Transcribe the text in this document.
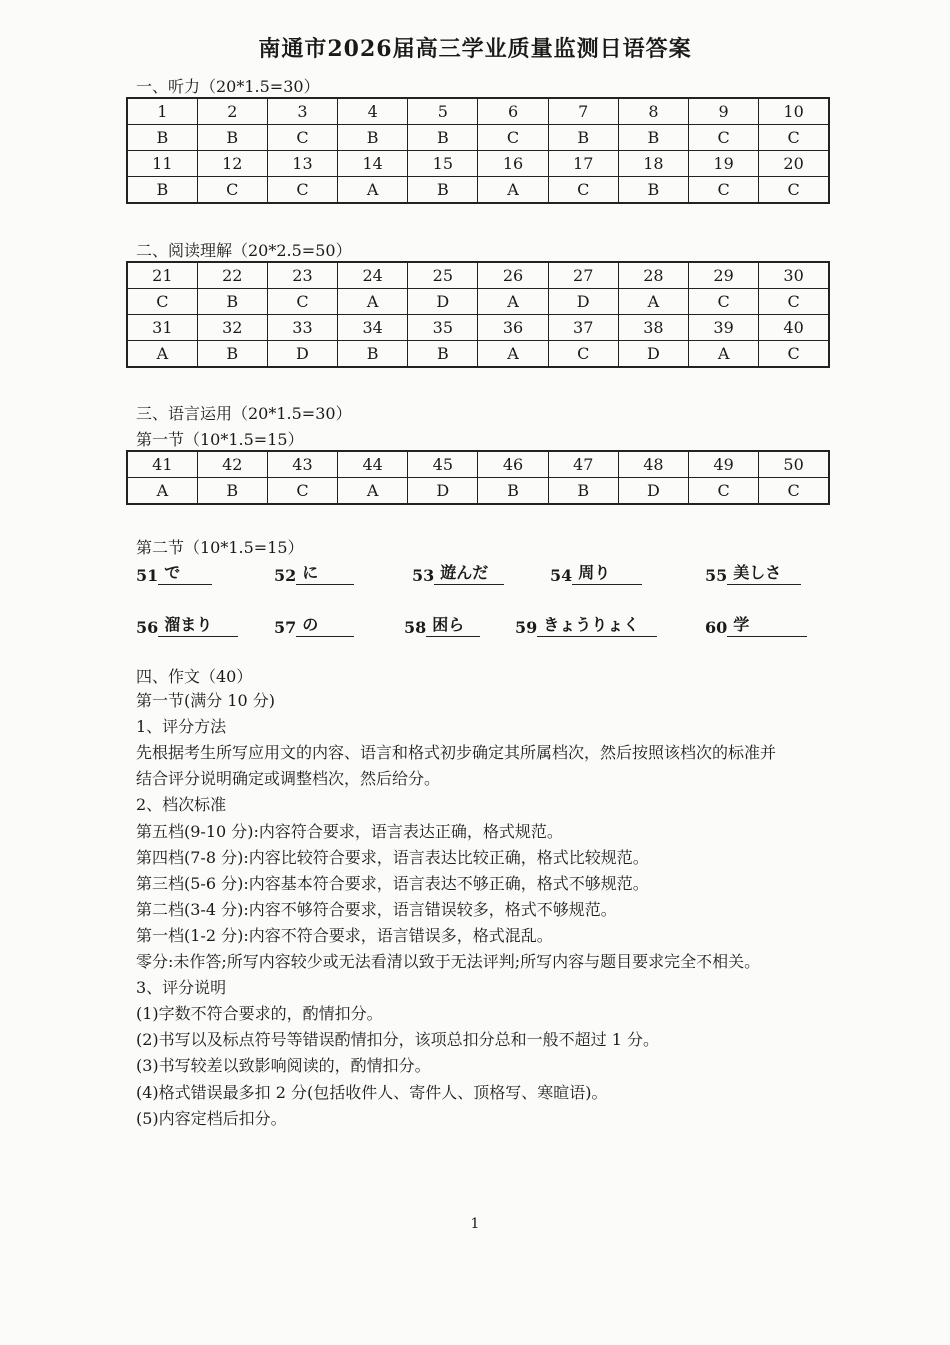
南通市2026届高三学业质量监测日语答案
一、听力（20*1.5=30）
1	2	3	4	5	6	7	8	9	10
B	B	C	B	B	C	B	B	C	C
11	12	13	14	15	16	17	18	19	20
B	C	C	A	B	A	C	B	C	C
二、阅读理解（20*2.5=50）
21	22	23	24	25	26	27	28	29	30
C	B	C	A	D	A	D	A	C	C
31	32	33	34	35	36	37	38	39	40
A	B	D	B	B	A	C	D	A	C
三、语言运用（20*1.5=30）
第一节（10*1.5=15）
41	42	43	44	45	46	47	48	49	50
A	B	C	A	D	B	B	D	C	C
第二节（10*1.5=15）
51 で	52 に	53 遊んだ	54 周り	55 美しさ
56 溜まり	57 の	58 困ら	59 きょうりょく	60 学
四、作文（40）
第一节(满分 10 分)
1、评分方法
先根据考生所写应用文的内容、语言和格式初步确定其所属档次，然后按照该档次的标准并
结合评分说明确定或调整档次，然后给分。
2、档次标准
第五档(9-10 分):内容符合要求，语言表达正确，格式规范。
第四档(7-8 分):内容比较符合要求，语言表达比较正确，格式比较规范。
第三档(5-6 分):内容基本符合要求，语言表达不够正确，格式不够规范。
第二档(3-4 分):内容不够符合要求，语言错误较多，格式不够规范。
第一档(1-2 分):内容不符合要求，语言错误多，格式混乱。
零分:未作答;所写内容较少或无法看清以致于无法评判;所写内容与题目要求完全不相关。
3、评分说明
(1)字数不符合要求的，酌情扣分。
(2)书写以及标点符号等错误酌情扣分，该项总扣分总和一般不超过 1 分。
(3)书写较差以致影响阅读的，酌情扣分。
(4)格式错误最多扣 2 分(包括收件人、寄件人、顶格写、寒暄语)。
(5)内容定档后扣分。
1
